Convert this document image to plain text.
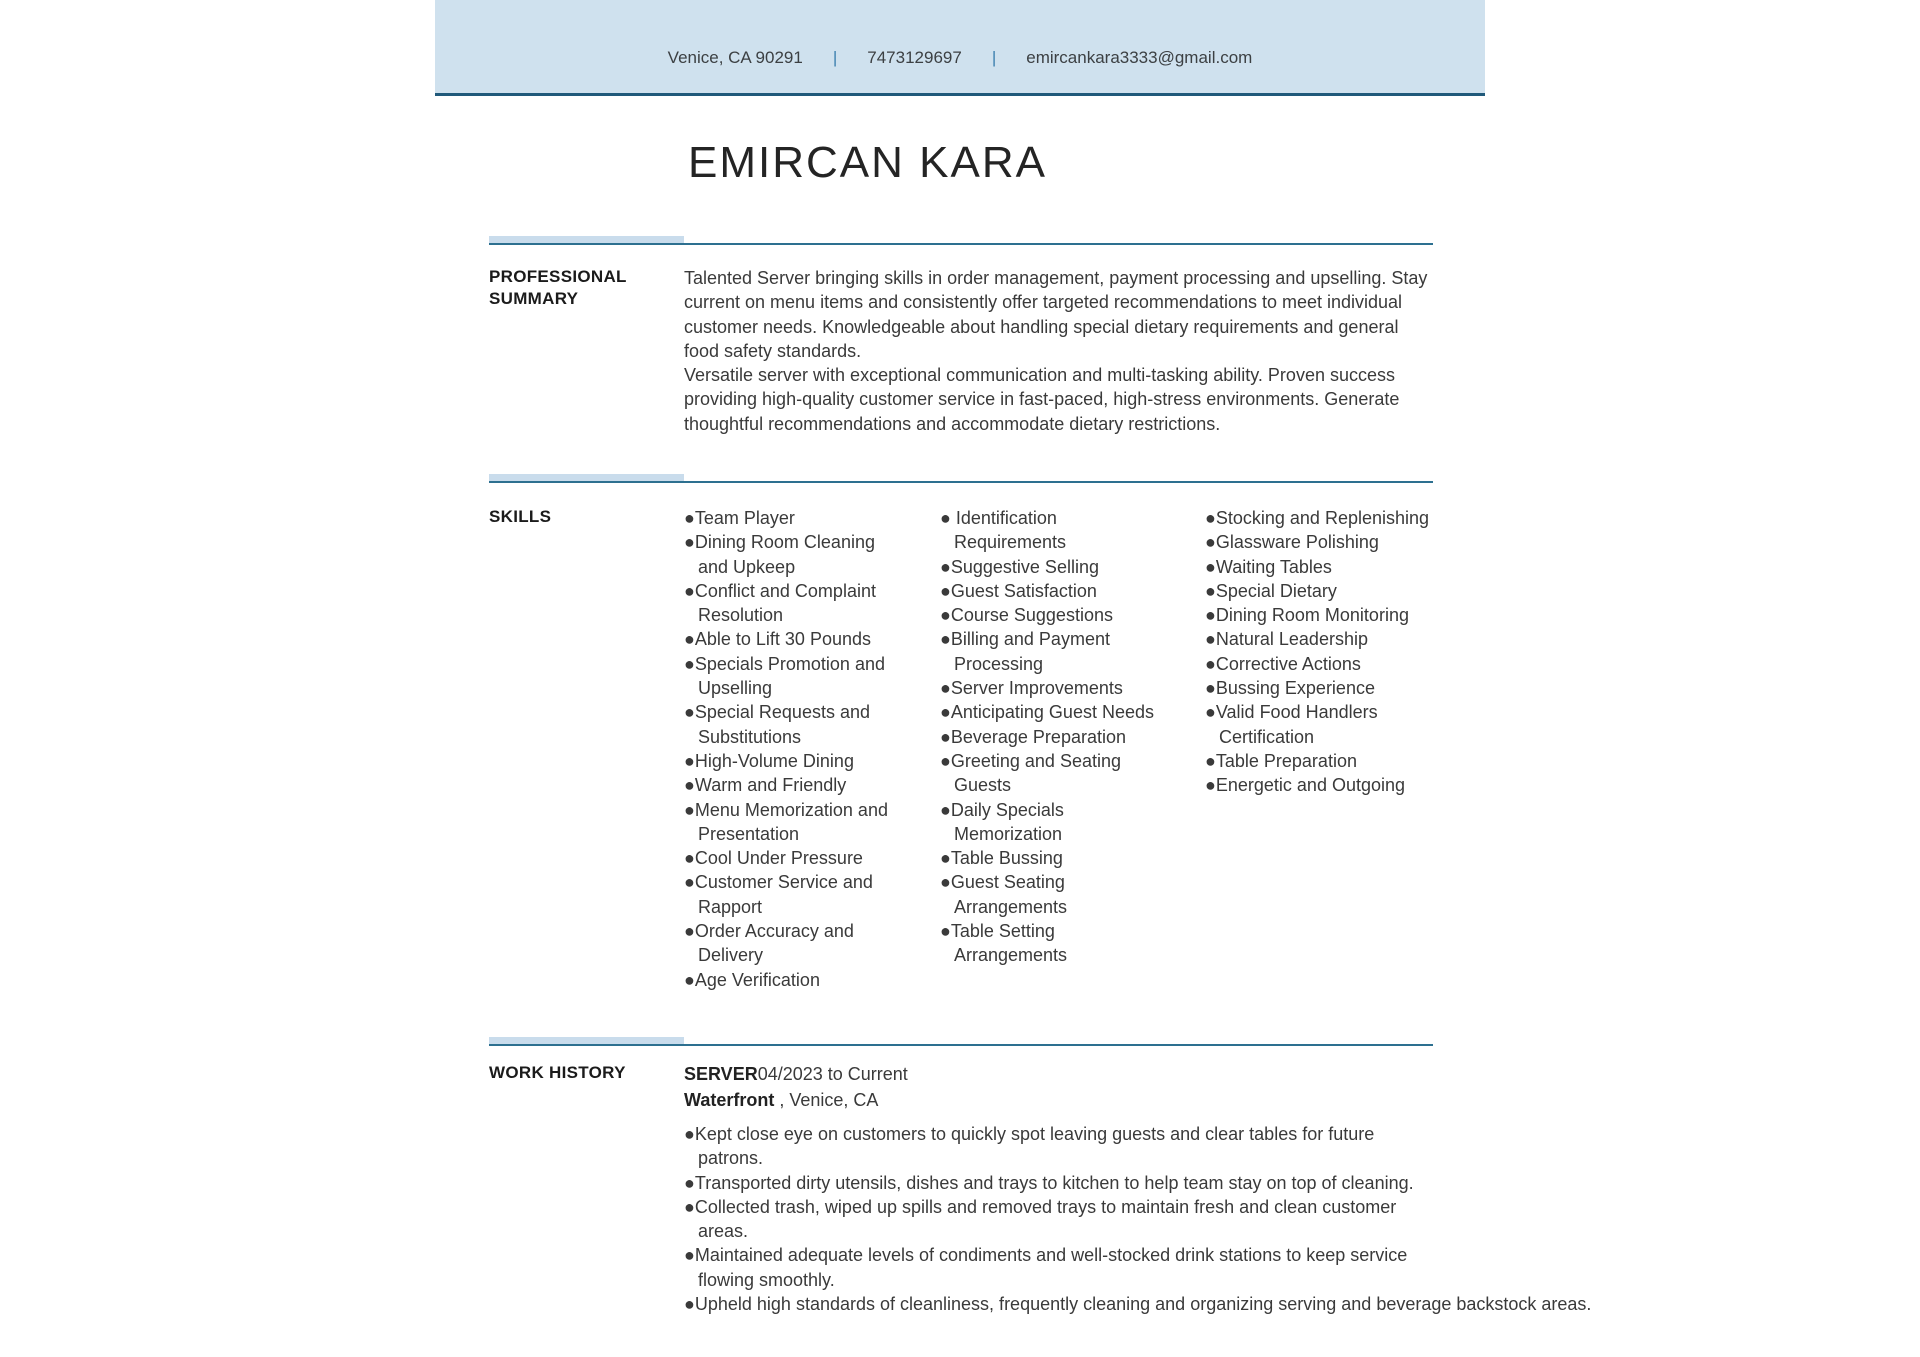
Venice, CA 90291 | 7473129697 | emircankara3333@gmail.com
EMIRCAN KARA
PROFESSIONAL SUMMARY

Talented Server bringing skills in order management, payment processing and upselling. Stay current on menu items and consistently offer targeted recommendations to meet individual customer needs. Knowledgeable about handling special dietary requirements and general food safety standards.

Versatile server with exceptional communication and multi-tasking ability. Proven success providing high-quality customer service in fast-paced, high-stress environments. Generate thoughtful recommendations and accommodate dietary restrictions.

SKILLS	●Team Player
●Dining Room Cleaning and Upkeep
●Conflict and Complaint Resolution
●Able to Lift 30 Pounds
●Specials Promotion and Upselling
●Special Requests and Substitutions
●High-Volume Dining
●Warm and Friendly
●Menu Memorization and Presentation
●Cool Under Pressure
●Customer Service and Rapport
●Order Accuracy and Delivery
●Age Verification
● Identification Requirements
●Suggestive Selling
●Guest Satisfaction
●Course Suggestions
●Billing and Payment Processing
●Server Improvements
●Anticipating Guest Needs
●Beverage Preparation
●Greeting and Seating Guests
●Daily Specials Memorization
●Table Bussing
●Guest Seating Arrangements
●Table Setting Arrangements
●Stocking and Replenishing
●Glassware Polishing
●Waiting Tables
●Special Dietary
●Dining Room Monitoring
●Natural Leadership
●Corrective Actions
●Bussing Experience
●Valid Food Handlers Certification
●Table Preparation
●Energetic and Outgoing
WORK HISTORY	SERVER04/2023 to Current
Waterfront , Venice, CA
●Kept close eye on customers to quickly spot leaving guests and clear tables for future patrons.
●Transported dirty utensils, dishes and trays to kitchen to help team stay on top of cleaning.
●Collected trash, wiped up spills and removed trays to maintain fresh and clean customer areas.
●Maintained adequate levels of condiments and well-stocked drink stations to keep service flowing smoothly.
●Upheld high standards of cleanliness, frequently cleaning and organizing serving and beverage backstock areas.
